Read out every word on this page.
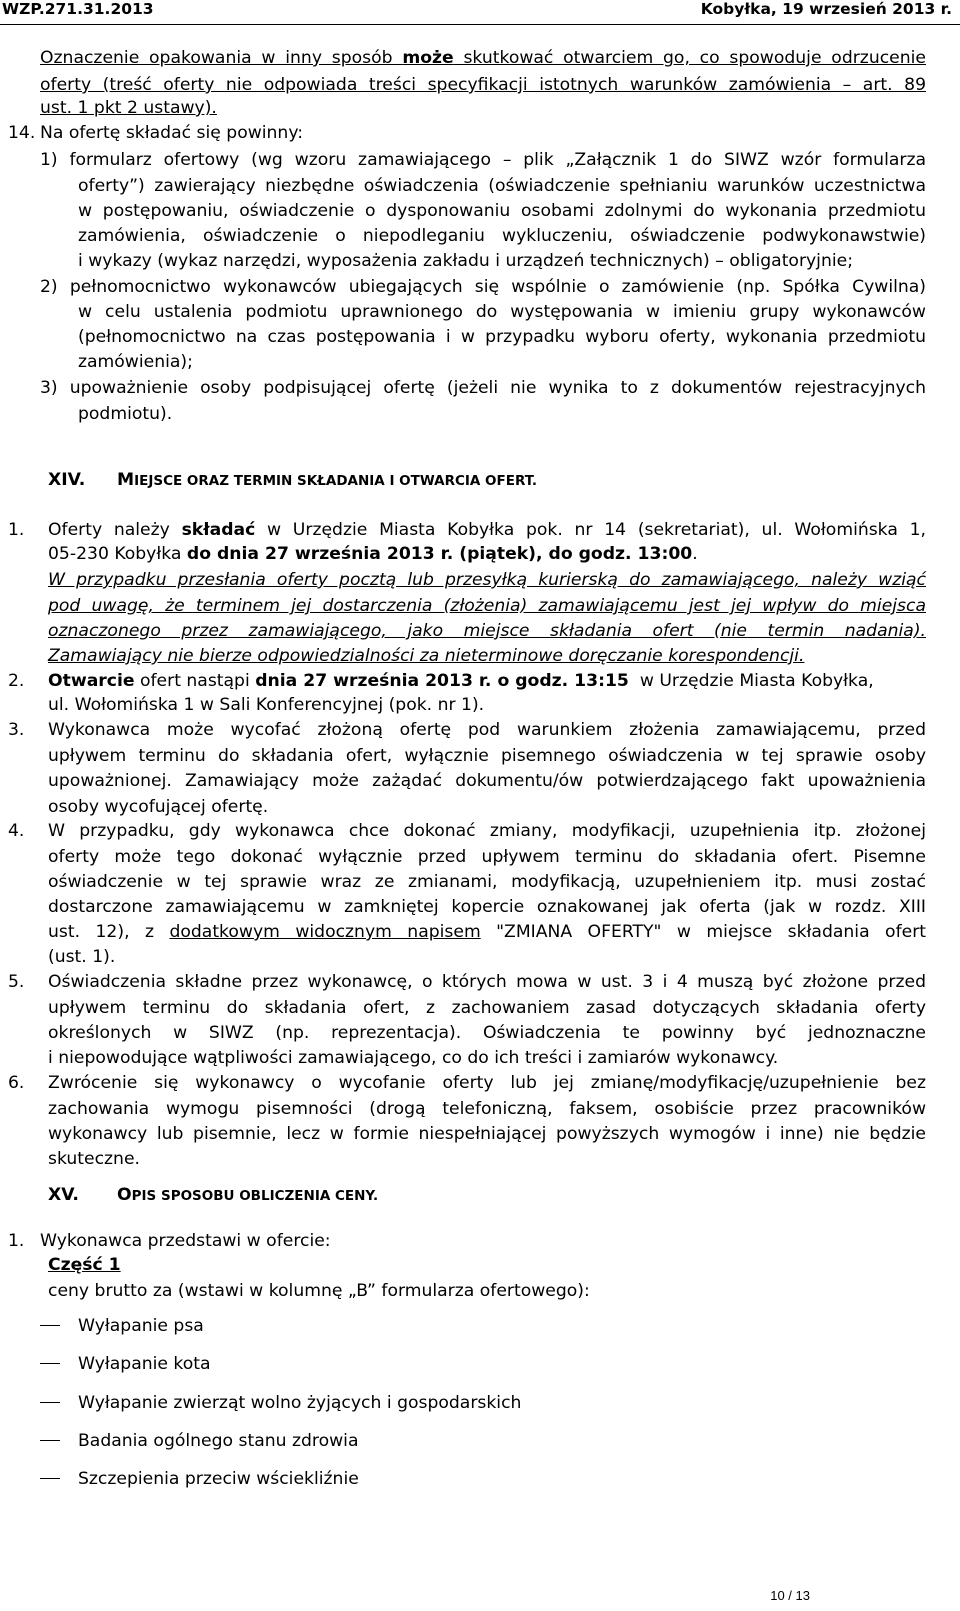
WZP.271.31.2013	Kobyłka, 19 wrzesień 2013 r.
Oznaczenie opakowania w inny sposób może skutkować otwarciem go, co spowoduje odrzucenie
oferty (treść oferty nie odpowiada treści specyfikacji istotnych warunków zamówienia – art. 89
ust. 1 pkt 2 ustawy).
14. Na ofertę składać się powinny:
1) formularz ofertowy (wg wzoru zamawiającego – plik „Załącznik 1 do SIWZ wzór formularza
oferty”) zawierający niezbędne oświadczenia (oświadczenie spełnianiu warunków uczestnictwa
w postępowaniu, oświadczenie o dysponowaniu osobami zdolnymi do wykonania przedmiotu
zamówienia, oświadczenie o niepodleganiu wykluczeniu, oświadczenie podwykonawstwie)
i wykazy (wykaz narzędzi, wyposażenia zakładu i urządzeń technicznych) – obligatoryjnie;
2) pełnomocnictwo wykonawców ubiegających się wspólnie o zamówienie (np. Spółka Cywilna)
w celu ustalenia podmiotu uprawnionego do występowania w imieniu grupy wykonawców
(pełnomocnictwo na czas postępowania i w przypadku wyboru oferty, wykonania przedmiotu
zamówienia);
3) upoważnienie osoby podpisującej ofertę (jeżeli nie wynika to z dokumentów rejestracyjnych
podmiotu).
XIV. MIEJSCE ORAZ TERMIN SKŁADANIA I OTWARCIA OFERT.
1. Oferty należy składać w Urzędzie Miasta Kobyłka pok. nr 14 (sekretariat), ul. Wołomińska 1,
05-230 Kobyłka do dnia 27 września 2013 r. (piątek), do godz. 13:00.
W przypadku przesłania oferty pocztą lub przesyłką kurierską do zamawiającego, należy wziąć
pod uwagę, że terminem jej dostarczenia (złożenia) zamawiającemu jest jej wpływ do miejsca
oznaczonego przez zamawiającego, jako miejsce składania ofert (nie termin nadania).
Zamawiający nie bierze odpowiedzialności za nieterminowe doręczanie korespondencji.
2. Otwarcie ofert nastąpi dnia 27 września 2013 r. o godz. 13:15  w Urzędzie Miasta Kobyłka,
ul. Wołomińska 1 w Sali Konferencyjnej (pok. nr 1).
3. Wykonawca może wycofać złożoną ofertę pod warunkiem złożenia zamawiającemu, przed
upływem terminu do składania ofert, wyłącznie pisemnego oświadczenia w tej sprawie osoby
upoważnionej. Zamawiający może zażądać dokumentu/ów potwierdzającego fakt upoważnienia
osoby wycofującej ofertę.
4. W przypadku, gdy wykonawca chce dokonać zmiany, modyfikacji, uzupełnienia itp. złożonej
oferty może tego dokonać wyłącznie przed upływem terminu do składania ofert. Pisemne
oświadczenie w tej sprawie wraz ze zmianami, modyfikacją, uzupełnieniem itp. musi zostać
dostarczone zamawiającemu w zamkniętej kopercie oznakowanej jak oferta (jak w rozdz. XIII
ust. 12), z dodatkowym widocznym napisem "ZMIANA OFERTY" w miejsce składania ofert
(ust. 1).
5. Oświadczenia składne przez wykonawcę, o których mowa w ust. 3 i 4 muszą być złożone przed
upływem terminu do składania ofert, z zachowaniem zasad dotyczących składania oferty
określonych w SIWZ (np. reprezentacja). Oświadczenia te powinny być jednoznaczne
i niepowodujące wątpliwości zamawiającego, co do ich treści i zamiarów wykonawcy.
6. Zwrócenie się wykonawcy o wycofanie oferty lub jej zmianę/modyfikację/uzupełnienie bez
zachowania wymogu pisemności (drogą telefoniczną, faksem, osobiście przez pracowników
wykonawcy lub pisemnie, lecz w formie niespełniającej powyższych wymogów i inne) nie będzie
skuteczne.
XV. OPIS SPOSOBU OBLICZENIA CENY.
1. Wykonawca przedstawi w ofercie:
Część 1
ceny brutto za (wstawi w kolumnę „B” formularza ofertowego):
Wyłapanie psa
Wyłapanie kota
Wyłapanie zwierząt wolno żyjących i gospodarskich
Badania ogólnego stanu zdrowia
Szczepienia przeciw wściekliźnie
10 / 13
